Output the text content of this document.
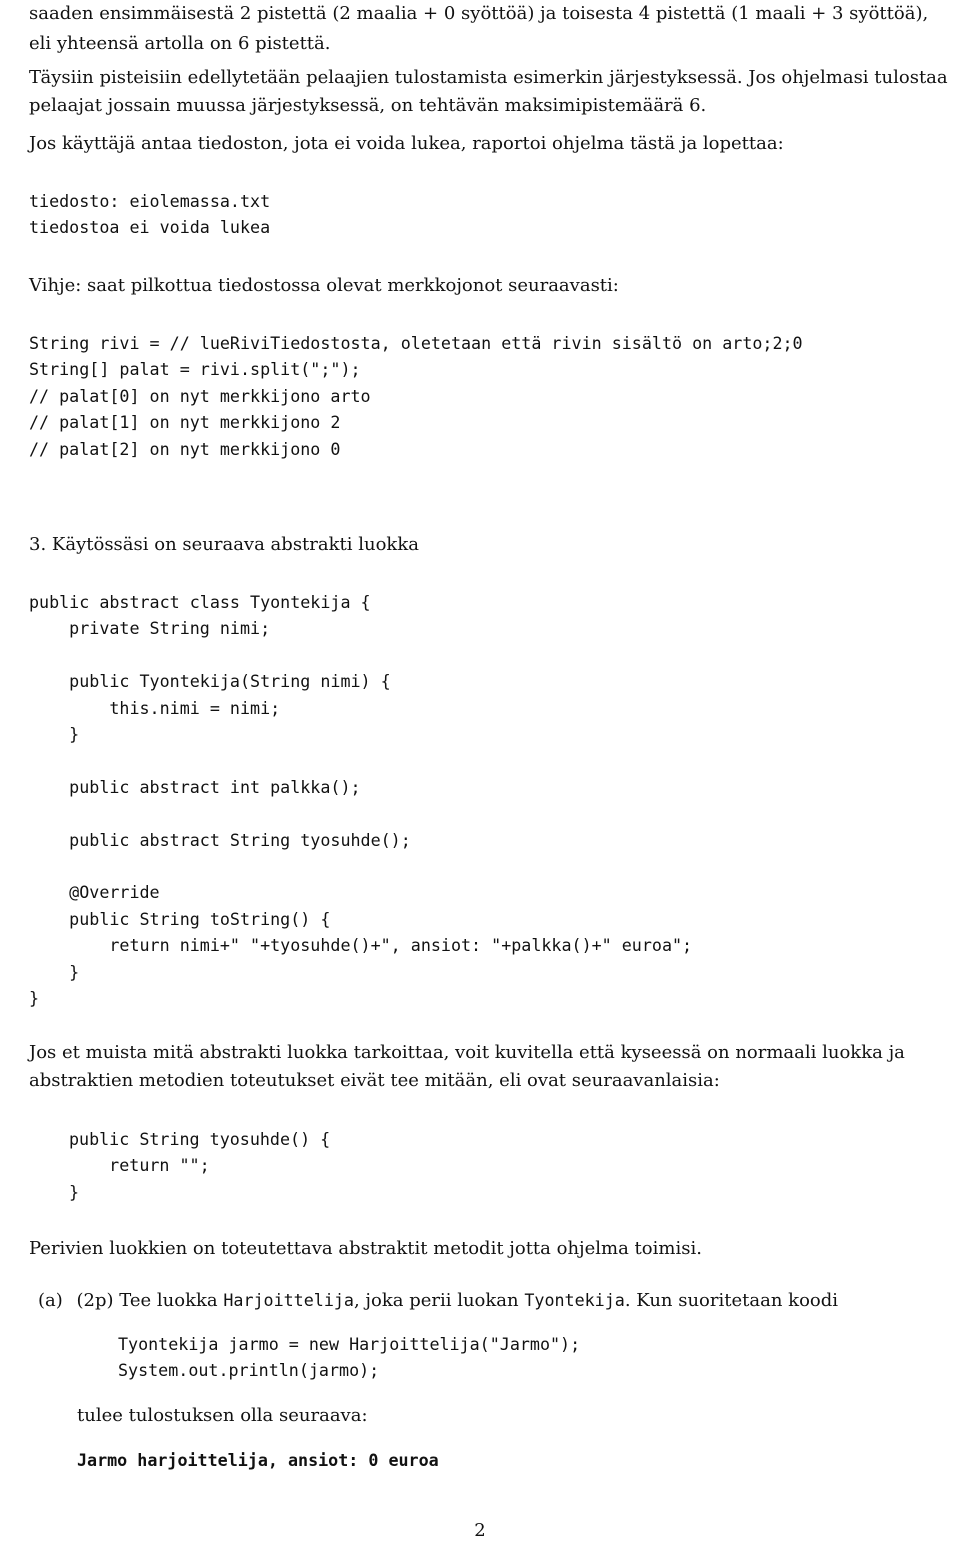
saaden ensimmäisestä 2 pistettä (2 maalia + 0 syöttöä) ja toisesta 4 pistettä (1 maali + 3 syöttöä),

eli yhteensä artolla on 6 pistettä.

Täysiin pisteisiin edellytetään pelaajien tulostamista esimerkin järjestyksessä. Jos ohjelmasi tulostaa

pelaajat jossain muussa järjestyksessä, on tehtävän maksimipistemäärä 6.

Jos käyttäjä antaa tiedoston, jota ei voida lukea, raportoi ohjelma tästä ja lopettaa:

tiedosto: eiolemassa.txt
tiedostoa ei voida lukea

Vihje: saat pilkottua tiedostossa olevat merkkojonot seuraavasti:

String rivi = // lueRiviTiedostosta, oletetaan että rivin sisältö on arto;2;0
String[] palat = rivi.split(";");
// palat[0] on nyt merkkijono arto
// palat[1] on nyt merkkijono 2
// palat[2] on nyt merkkijono 0

3. Käytössäsi on seuraava abstrakti luokka

public abstract class Tyontekija {
private String nimi;

public Tyontekija(String nimi) {
this.nimi = nimi;
}

public abstract int palkka();

public abstract String tyosuhde();

@Override
public String toString() {
return nimi+" "+tyosuhde()+", ansiot: "+palkka()+" euroa";
}
}

Jos et muista mitä abstrakti luokka tarkoittaa, voit kuvitella että kyseessä on normaali luokka ja

abstraktien metodien toteutukset eivät tee mitään, eli ovat seuraavanlaisia:

public String tyosuhde() {
return "";
}

Perivien luokkien on toteutettava abstraktit metodit jotta ohjelma toimisi.

(a) (2p) Tee luokka Harjoittelija, joka perii luokan Tyontekija. Kun suoritetaan koodi

Tyontekija jarmo = new Harjoittelija("Jarmo");
System.out.println(jarmo);

tulee tulostuksen olla seuraava:

Jarmo harjoittelija, ansiot: 0 euroa
2
